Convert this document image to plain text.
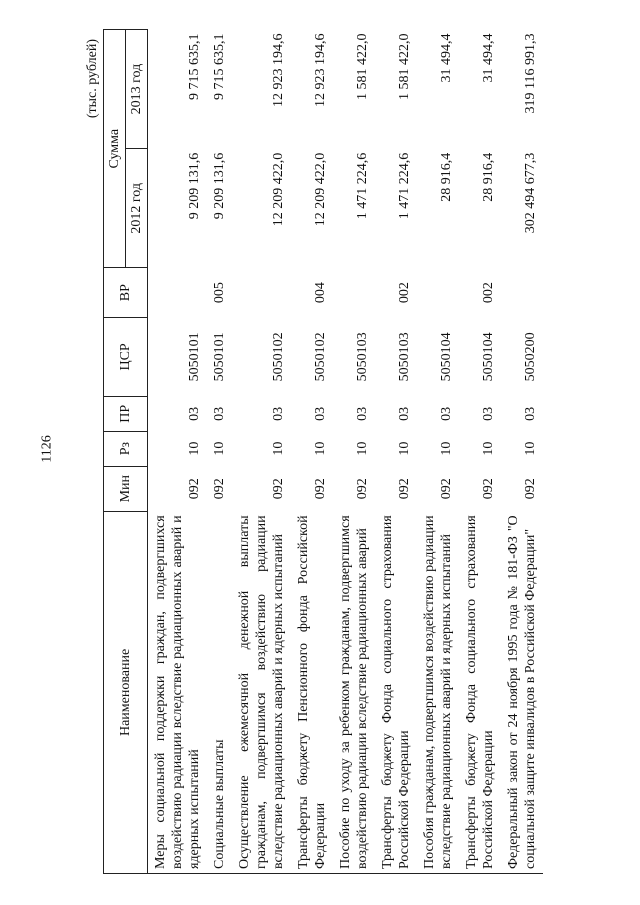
1126
(тыс. рублей)
Наименование	Мин	Рз	ПР	ЦСР	ВР	Сумма	
						2012 год	2013 год
Меры социальной поддержки граждан, подвергшихся воздействию радиации вследствие радиационных аварий и ядерных испытаний	092	10	03	5050101		9 209 131,6	9 715 635,1
Социальные выплаты	092	10	03	5050101	005	9 209 131,6	9 715 635,1
Осуществление ежемесячной денежной выплаты гражданам, подвергшимся воздействию радиации вследствие радиационных аварий и ядерных испытаний	092	10	03	5050102		12 209 422,0	12 923 194,6
Трансферты бюджету Пенсионного фонда Российской Федерации	092	10	03	5050102	004	12 209 422,0	12 923 194,6
Пособие по уходу за ребенком гражданам, подвергшимся воздействию радиации вследствие радиационных аварий	092	10	03	5050103		1 471 224,6	1 581 422,0
Трансферты бюджету Фонда социального страхования Российской Федерации	092	10	03	5050103	002	1 471 224,6	1 581 422,0
Пособия гражданам, подвергшимся воздействию радиации вследствие радиационных аварий и ядерных испытаний	092	10	03	5050104		28 916,4	31 494,4
Трансферты бюджету Фонда социального страхования Российской Федерации	092	10	03	5050104	002	28 916,4	31 494,4
Федеральный закон от 24 ноября 1995 года № 181-ФЗ "О социальной защите инвалидов в Российской Федерации"	092	10	03	5050200		302 494 677,3	319 116 991,3
